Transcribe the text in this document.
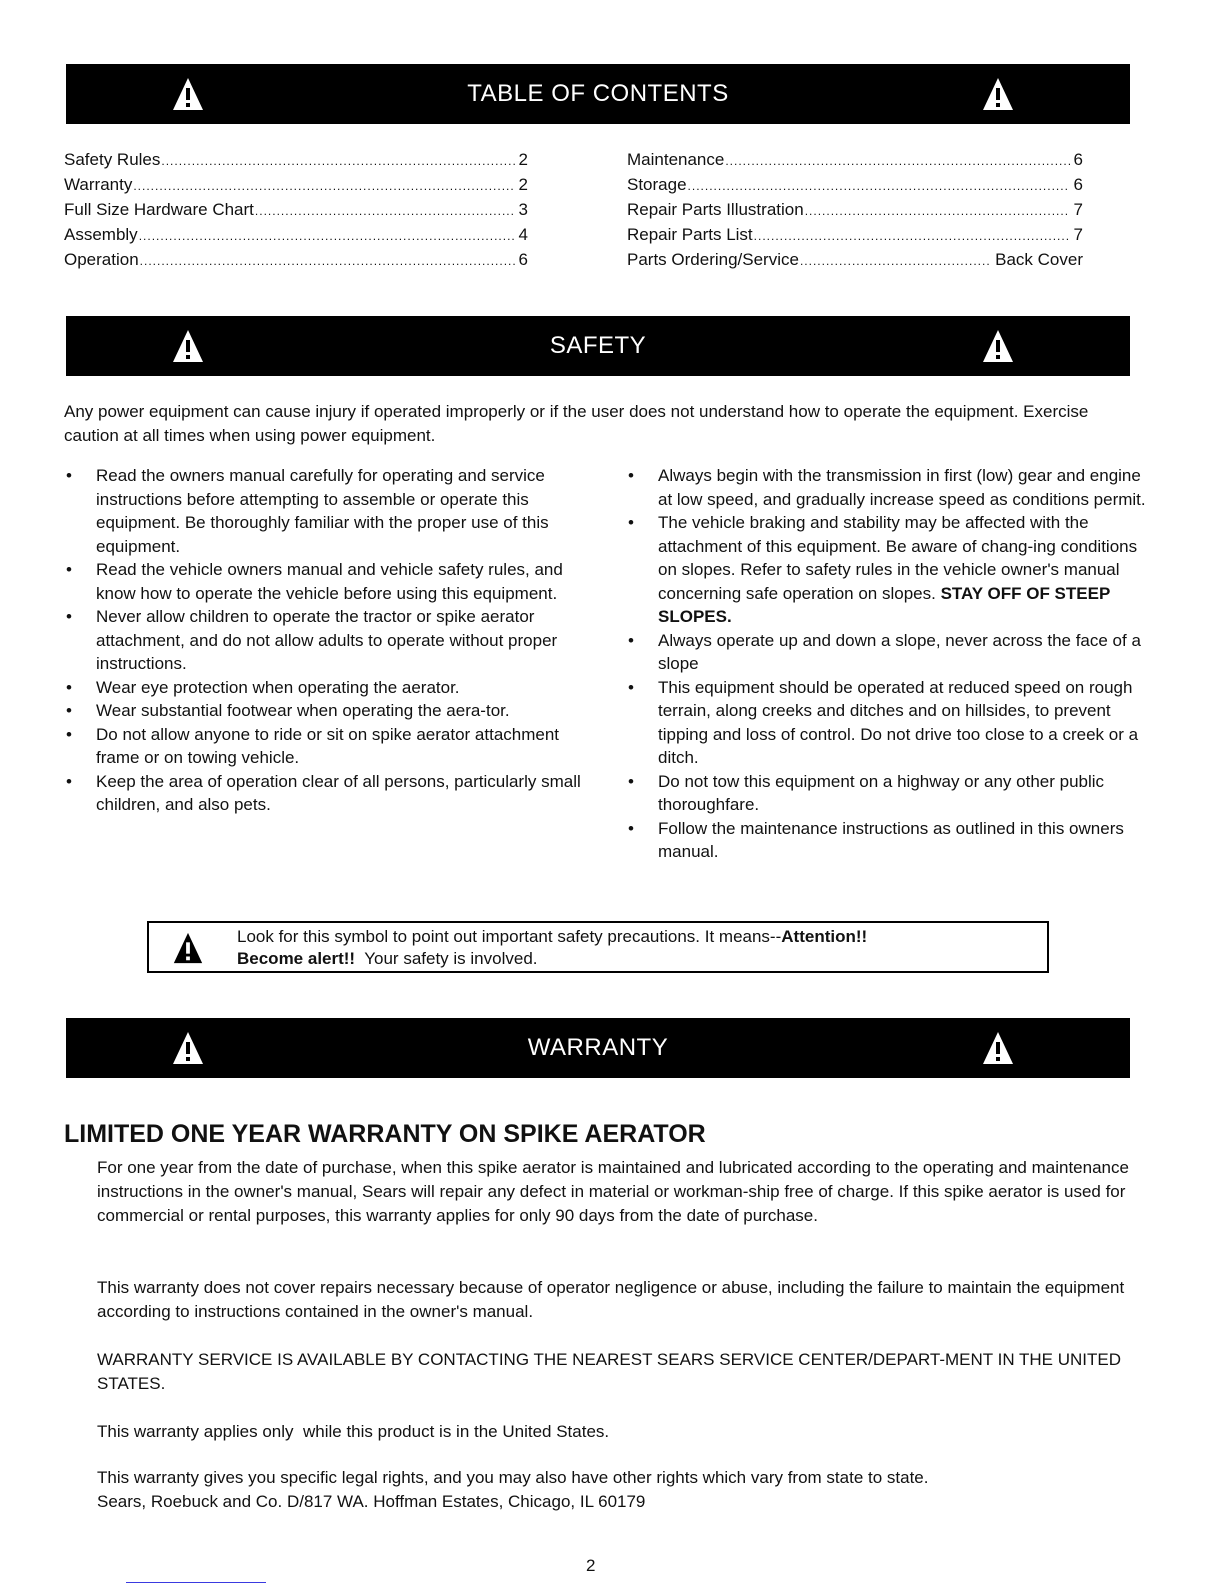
TABLE OF CONTENTS
Safety Rules .....	2
Warranty .....	2
Full Size Hardware Chart .....	3
Assembly .....	4
Operation .....	6
Maintenance .....	6
Storage .....	6
Repair Parts Illustration .....	7
Repair Parts List .....	7
Parts Ordering/Service .....	Back Cover
SAFETY

Any power equipment can cause injury if operated improperly or if the user does not understand how to operate the equipment. Exercise caution at all times when using power equipment.

• Read the owners manual carefully for operating and service instructions before attempting to assemble or operate this equipment. Be thoroughly familiar with the proper use of this equipment.
• Read the vehicle owners manual and vehicle safety rules, and know how to operate the vehicle before using this equipment.
• Never allow children to operate the tractor or spike aerator attachment, and do not allow adults to operate without proper instructions.
• Wear eye protection when operating the aerator.
• Wear substantial footwear when operating the aera-tor.
• Do not allow anyone to ride or sit on spike aerator attachment frame or on towing vehicle.
• Keep the area of operation clear of all persons, particularly small children, and also pets.
• Always begin with the transmission in first (low) gear and engine at low speed, and gradually increase speed as conditions permit.
• The vehicle braking and stability may be affected with the attachment of this equipment. Be aware of chang-ing conditions on slopes. Refer to safety rules in the vehicle owner's manual concerning safe operation on slopes. STAY OFF OF STEEP SLOPES.
• Always operate up and down a slope, never across the face of a slope
• This equipment should be operated at reduced speed on rough terrain, along creeks and ditches and on hillsides, to prevent tipping and loss of control. Do not drive too close to a creek or a ditch.
• Do not tow this equipment on a highway or any other public thoroughfare.
• Follow the maintenance instructions as outlined in this owners manual.
Look for this symbol to point out important safety precautions. It means--Attention!!
Become alert!!  Your safety is involved.
WARRANTY
LIMITED ONE YEAR WARRANTY ON SPIKE AERATOR

For one year from the date of purchase, when this spike aerator is maintained and lubricated according to the operating and maintenance instructions in the owner's manual, Sears will repair any defect in material or workman-ship free of charge. If this spike aerator is used for commercial or rental purposes, this warranty applies for only 90 days from the date of purchase.

This warranty does not cover repairs necessary because of operator negligence or abuse, including the failure to maintain the equipment according to instructions contained in the owner's manual.

WARRANTY SERVICE IS AVAILABLE BY CONTACTING THE NEAREST SEARS SERVICE CENTER/DEPART-MENT IN THE UNITED STATES.

This warranty applies only  while this product is in the United States.

This warranty gives you specific legal rights, and you may also have other rights which vary from state to state.

Sears, Roebuck and Co. D/817 WA. Hoffman Estates, Chicago, IL 60179

2
